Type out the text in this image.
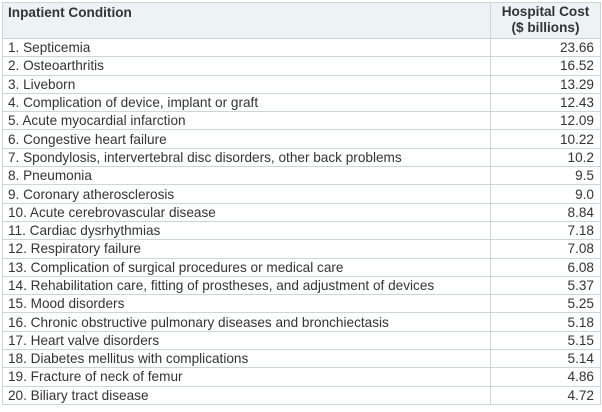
Inpatient Condition	Hospital Cost
($ billions)
1. Septicemia	23.66
2. Osteoarthritis	16.52
3. Liveborn	13.29
4. Complication of device, implant or graft	12.43
5. Acute myocardial infarction	12.09
6. Congestive heart failure	10.22
7. Spondylosis, intervertebral disc disorders, other back problems	10.2
8. Pneumonia	9.5
9. Coronary atherosclerosis	9.0
10. Acute cerebrovascular disease	8.84
11. Cardiac dysrhythmias	7.18
12. Respiratory failure	7.08
13. Complication of surgical procedures or medical care	6.08
14. Rehabilitation care, fitting of prostheses, and adjustment of devices	5.37
15. Mood disorders	5.25
16. Chronic obstructive pulmonary diseases and bronchiectasis	5.18
17. Heart valve disorders	5.15
18. Diabetes mellitus with complications	5.14
19. Fracture of neck of femur	4.86
20. Biliary tract disease	4.72
